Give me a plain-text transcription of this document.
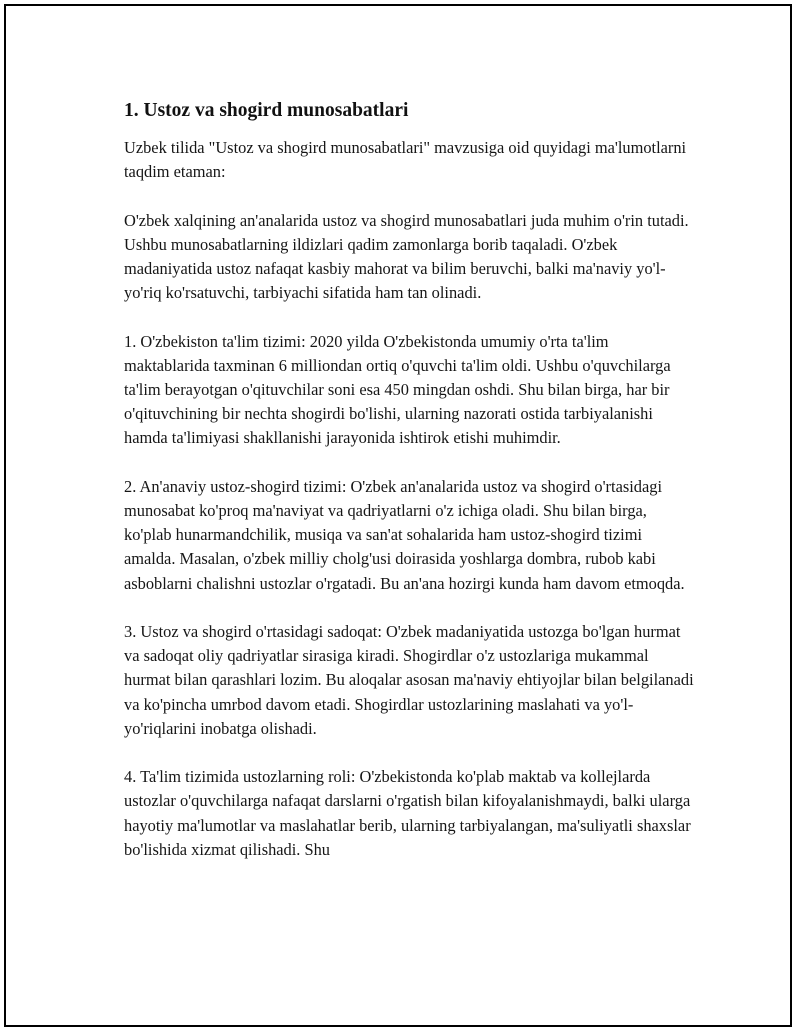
1. Ustoz va shogird munosabatlari

Uzbek tilida "Ustoz va shogird munosabatlari" mavzusiga oid quyidagi ma'lumotlarni taqdim etaman:

O'zbek xalqining an'analarida ustoz va shogird munosabatlari juda muhim o'rin tutadi. Ushbu munosabatlarning ildizlari qadim zamonlarga borib taqaladi. O'zbek madaniyatida ustoz nafaqat kasbiy mahorat va bilim beruvchi, balki ma'naviy yo'l-yo'riq ko'rsatuvchi, tarbiyachi sifatida ham tan olinadi.

1. O'zbekiston ta'lim tizimi: 2020 yilda O'zbekistonda umumiy o'rta ta'lim maktablarida taxminan 6 milliondan ortiq o'quvchi ta'lim oldi. Ushbu o'quvchilarga ta'lim berayotgan o'qituvchilar soni esa 450 mingdan oshdi. Shu bilan birga, har bir o'qituvchining bir nechta shogirdi bo'lishi, ularning nazorati ostida tarbiyalanishi hamda ta'limiyasi shakllanishi jarayonida ishtirok etishi muhimdir.

2. An'anaviy ustoz-shogird tizimi: O'zbek an'analarida ustoz va shogird o'rtasidagi munosabat ko'proq ma'naviyat va qadriyatlarni o'z ichiga oladi. Shu bilan birga, ko'plab hunarmandchilik, musiqa va san'at sohalarida ham ustoz-shogird tizimi amalda. Masalan, o'zbek milliy cholg'usi doirasida yoshlarga dombra, rubob kabi asboblarni chalishni ustozlar o'rgatadi. Bu an'ana hozirgi kunda ham davom etmoqda.

3. Ustoz va shogird o'rtasidagi sadoqat: O'zbek madaniyatida ustozga bo'lgan hurmat va sadoqat oliy qadriyatlar sirasiga kiradi. Shogirdlar o'z ustozlariga mukammal hurmat bilan qarashlari lozim. Bu aloqalar asosan ma'naviy ehtiyojlar bilan belgilanadi va ko'pincha umrbod davom etadi. Shogirdlar ustozlarining maslahati va yo'l-yo'riqlarini inobatga olishadi.

4. Ta'lim tizimida ustozlarning roli: O'zbekistonda ko'plab maktab va kollejlarda ustozlar o'quvchilarga nafaqat darslarni o'rgatish bilan kifoyalanishmaydi, balki ularga hayotiy ma'lumotlar va maslahatlar berib, ularning tarbiyalangan, ma'suliyatli shaxslar bo'lishida xizmat qilishadi. Shu
